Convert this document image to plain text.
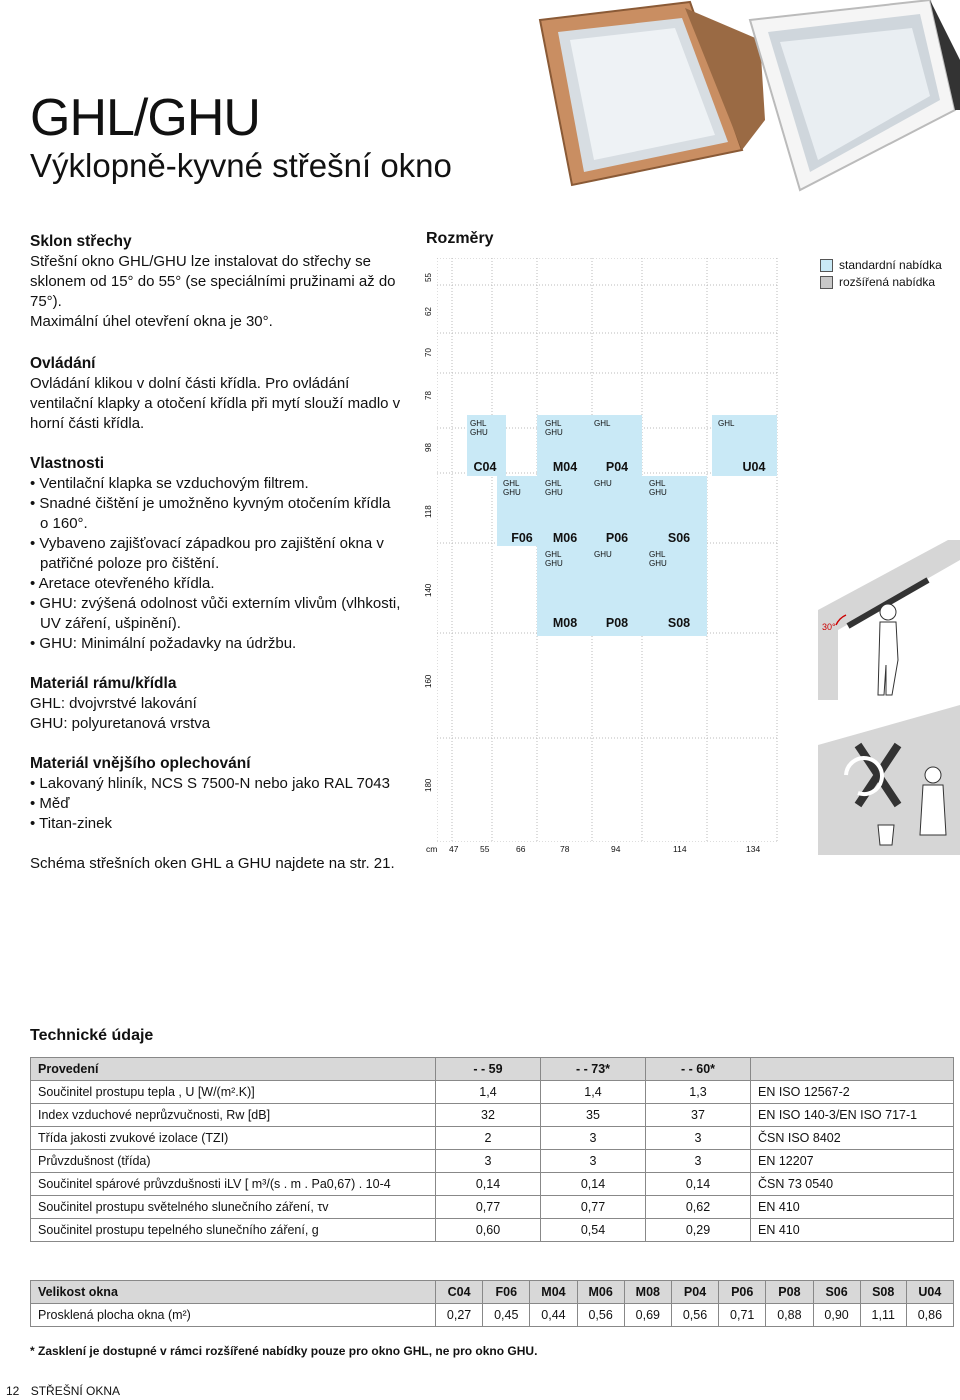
GHL/GHU
Výklopně-kyvné střešní okno
Sklon střechy

Střešní okno GHL/GHU lze instalovat do střechy se sklonem od 15° do 55° (se speciálními pružinami až do 75°).

Maximální úhel otevření okna je 30°.

Ovládání

Ovládání klikou v dolní části křídla. Pro ovládání ventilační klapky a otočení křídla při mytí slouží madlo v horní části křídla.

Vlastnosti
• Ventilační klapka se vzduchovým filtrem.
• Snadné čištění je umožněno kyvným otočením křídla o 160°.
• Vybaveno zajišťovací západkou pro zajištění okna v patřičné poloze pro čištění.
• Aretace otevřeného křídla.
• GHU: zvýšená odolnost vůči externím vlivům (vlhkosti, UV záření, ušpinění).
• GHU: Minimální požadavky na údržbu.
Materiál rámu/křídla

GHL: dvojvrstvé lakování

GHU: polyuretanová vrstva

Materiál vnějšího oplechování
• Lakovaný hliník, NCS S 7500-N nebo jako RAL 7043
• Měď
• Titan-zinek

Schéma střešních oken GHL a GHU najdete na str. 21.

Rozměry
standardní nabídka
rozšířená nabídka
GHL
GHU
GHL
GHU
GHL	GHL
GHL
GHU
GHL
GHU
GHU	GHL
GHU
GHL
GHU
GHU	GHL
GHU
C04	M04	P04	U04
F06	M06	P06	S06
M08	P08	S08
55
62
70
78
98
118
140
160
180
cm 47	55	66	78	94	114	134
30°
Technické údaje
Provedení	- - 59	- - 73*	- - 60*	
Součinitel prostupu tepla , U [W/(m².K)]	1,4	1,4	1,3	EN ISO 12567-2
Index vzduchové neprůzvučnosti, Rw [dB]	32	35	37	EN ISO 140-3/EN ISO 717-1
Třída jakosti zvukové izolace (TZI)	2	3	3	ČSN ISO 8402
Průvzdušnost (třída)	3	3	3	EN 12207
Součinitel spárové průvzdušnosti iLV [ m³/(s . m . Pa0,67) . 10-4	0,14	0,14	0,14	ČSN 73 0540
Součinitel prostupu světelného slunečního záření, τv	0,77	0,77	0,62	EN 410
Součinitel prostupu tepelného slunečního záření, g	0,60	0,54	0,29	EN 410
Velikost okna	C04	F06	M04	M06	M08	P04	P06	P08	S06	S08	U04
Prosklená plocha okna (m²)	0,27	0,45	0,44	0,56	0,69	0,56	0,71	0,88	0,90	1,11	0,86
* Zasklení je dostupné v rámci rozšířené nabídky pouze pro okno GHL, ne pro okno GHU.
12 STŘEŠNÍ OKNA
